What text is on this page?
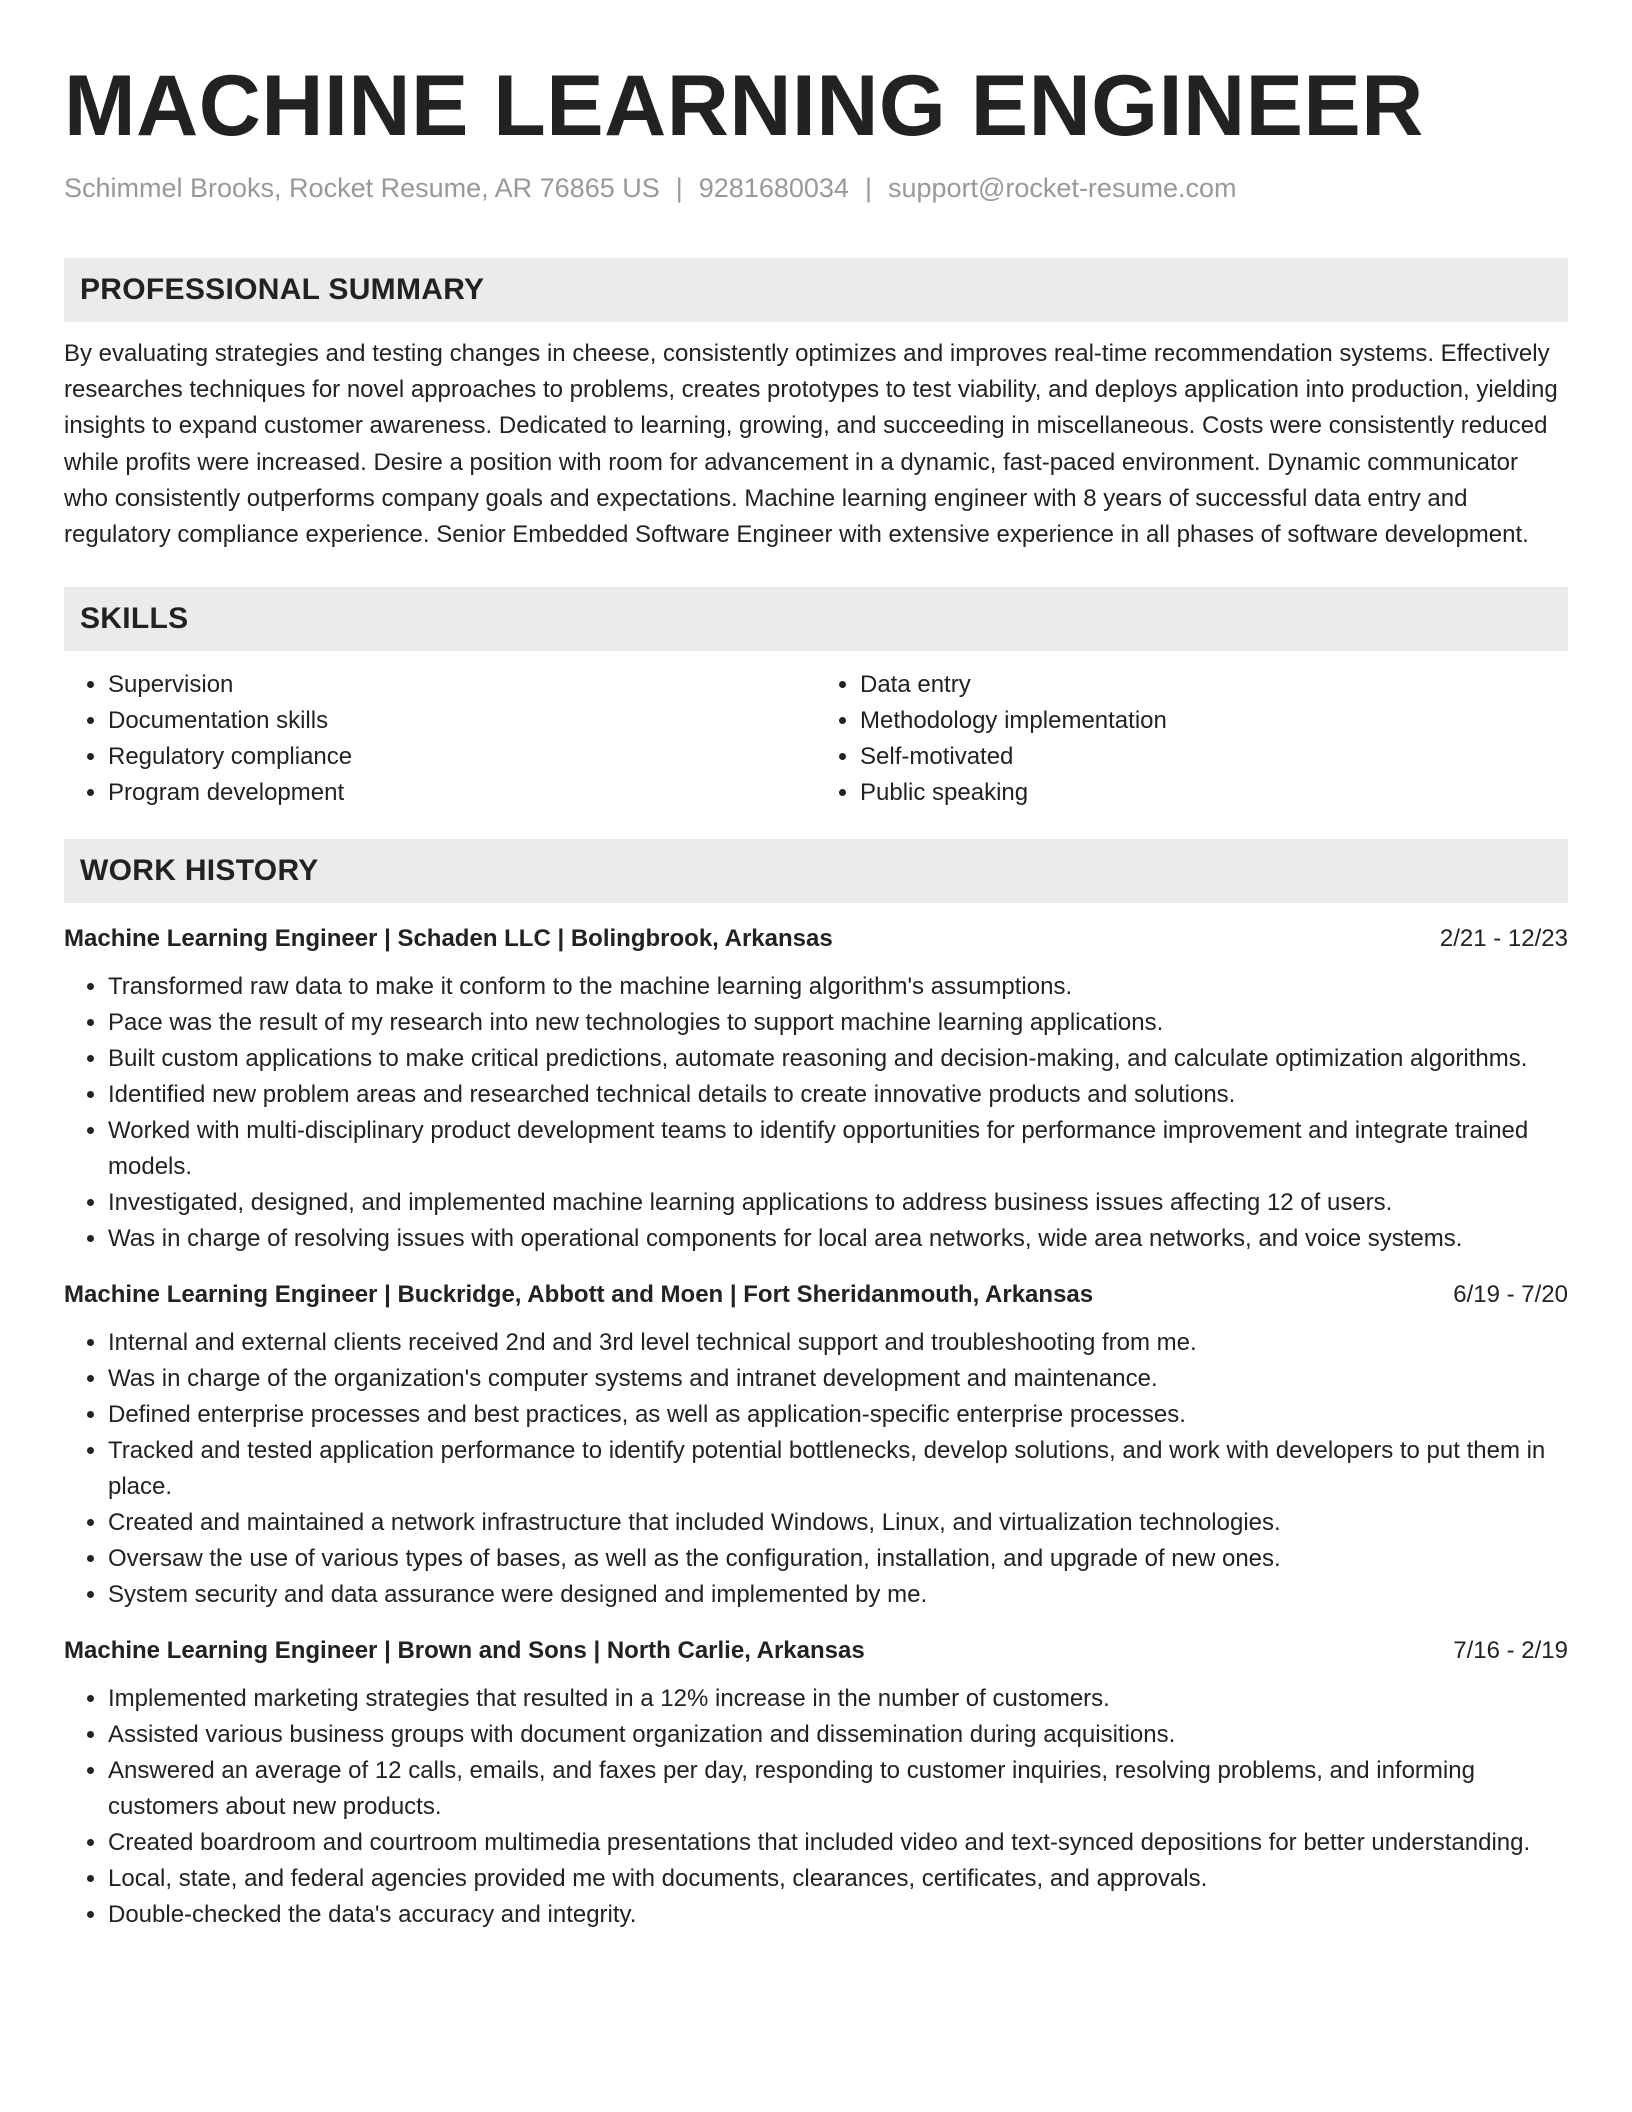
MACHINE LEARNING ENGINEER
Schimmel Brooks, Rocket Resume, AR 76865 US | 9281680034 | support@rocket-resume.com
PROFESSIONAL SUMMARY
By evaluating strategies and testing changes in cheese, consistently optimizes and improves real-time recommendation systems. Effectively researches techniques for novel approaches to problems, creates prototypes to test viability, and deploys application into production, yielding insights to expand customer awareness. Dedicated to learning, growing, and succeeding in miscellaneous. Costs were consistently reduced while profits were increased. Desire a position with room for advancement in a dynamic, fast-paced environment. Dynamic communicator who consistently outperforms company goals and expectations. Machine learning engineer with 8 years of successful data entry and regulatory compliance experience. Senior Embedded Software Engineer with extensive experience in all phases of software development.
SKILLS
• Supervision
• Documentation skills
• Regulatory compliance
• Program development
• Data entry
• Methodology implementation
• Self-motivated
• Public speaking
WORK HISTORY
Machine Learning Engineer | Schaden LLC | Bolingbrook, Arkansas	2/21 - 12/23
• Transformed raw data to make it conform to the machine learning algorithm's assumptions.
• Pace was the result of my research into new technologies to support machine learning applications.
• Built custom applications to make critical predictions, automate reasoning and decision-making, and calculate optimization algorithms.
• Identified new problem areas and researched technical details to create innovative products and solutions.
• Worked with multi-disciplinary product development teams to identify opportunities for performance improvement and integrate trained models.
• Investigated, designed, and implemented machine learning applications to address business issues affecting 12 of users.
• Was in charge of resolving issues with operational components for local area networks, wide area networks, and voice systems.
Machine Learning Engineer | Buckridge, Abbott and Moen | Fort Sheridanmouth, Arkansas	6/19 - 7/20
• Internal and external clients received 2nd and 3rd level technical support and troubleshooting from me.
• Was in charge of the organization's computer systems and intranet development and maintenance.
• Defined enterprise processes and best practices, as well as application-specific enterprise processes.
• Tracked and tested application performance to identify potential bottlenecks, develop solutions, and work with developers to put them in place.
• Created and maintained a network infrastructure that included Windows, Linux, and virtualization technologies.
• Oversaw the use of various types of bases, as well as the configuration, installation, and upgrade of new ones.
• System security and data assurance were designed and implemented by me.
Machine Learning Engineer | Brown and Sons | North Carlie, Arkansas	7/16 - 2/19
• Implemented marketing strategies that resulted in a 12% increase in the number of customers.
• Assisted various business groups with document organization and dissemination during acquisitions.
• Answered an average of 12 calls, emails, and faxes per day, responding to customer inquiries, resolving problems, and informing customers about new products.
• Created boardroom and courtroom multimedia presentations that included video and text-synced depositions for better understanding.
• Local, state, and federal agencies provided me with documents, clearances, certificates, and approvals.
• Double-checked the data's accuracy and integrity.
